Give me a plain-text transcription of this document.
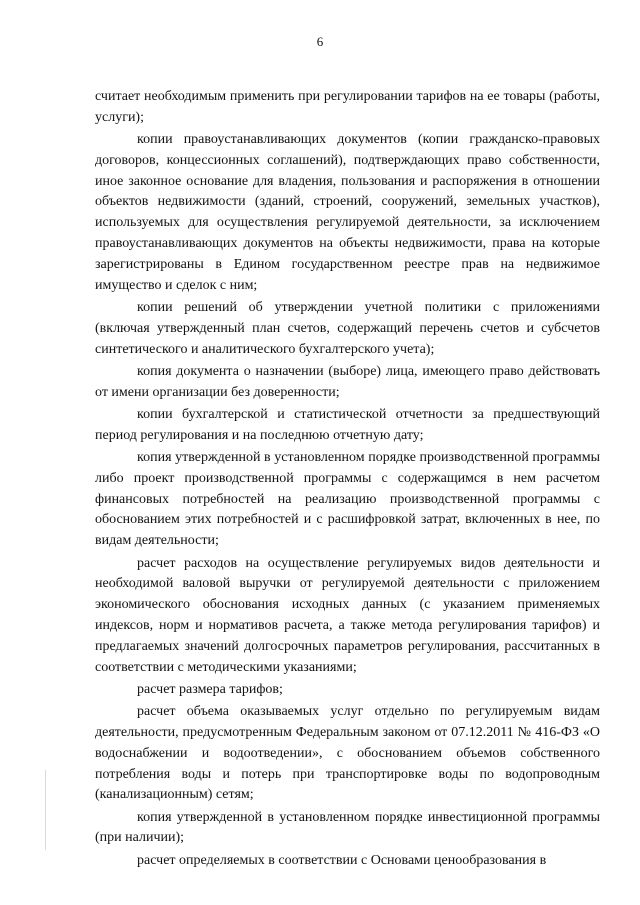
6

считает необходимым применить при регулировании тарифов на ее товары (работы, услуги);

копии правоустанавливающих документов (копии гражданско-правовых договоров, концессионных соглашений), подтверждающих право собственности, иное законное основание для владения, пользования и распоряжения в отношении объектов недвижимости (зданий, строений, сооружений, земельных участков), используемых для осуществления регулируемой деятельности, за исключением правоустанавливающих документов на объекты недвижимости, права на которые зарегистрированы в Едином государственном реестре прав на недвижимое имущество и сделок с ним;

копии решений об утверждении учетной политики с приложениями (включая утвержденный план счетов, содержащий перечень счетов и субсчетов синтетического и аналитического бухгалтерского учета);

копия документа о назначении (выборе) лица, имеющего право действовать от имени организации без доверенности;

копии бухгалтерской и статистической отчетности за предшествующий период регулирования и на последнюю отчетную дату;

копия утвержденной в установленном порядке производственной программы либо проект производственной программы с содержащимся в нем расчетом финансовых потребностей на реализацию производственной программы с обоснованием этих потребностей и с расшифровкой затрат, включенных в нее, по видам деятельности;

расчет расходов на осуществление регулируемых видов деятельности и необходимой валовой выручки от регулируемой деятельности с приложением экономического обоснования исходных данных (с указанием применяемых индексов, норм и нормативов расчета, а также метода регулирования тарифов) и предлагаемых значений долгосрочных параметров регулирования, рассчитанных в соответствии с методическими указаниями;

расчет размера тарифов;

расчет объема оказываемых услуг отдельно по регулируемым видам деятельности, предусмотренным Федеральным законом от 07.12.2011 № 416-ФЗ «О водоснабжении и водоотведении», с обоснованием объемов собственного потребления воды и потерь при транспортировке воды по водопроводным (канализационным) сетям;

копия утвержденной в установленном порядке инвестиционной программы (при наличии);

расчет определяемых в соответствии с Основами ценообразования в
